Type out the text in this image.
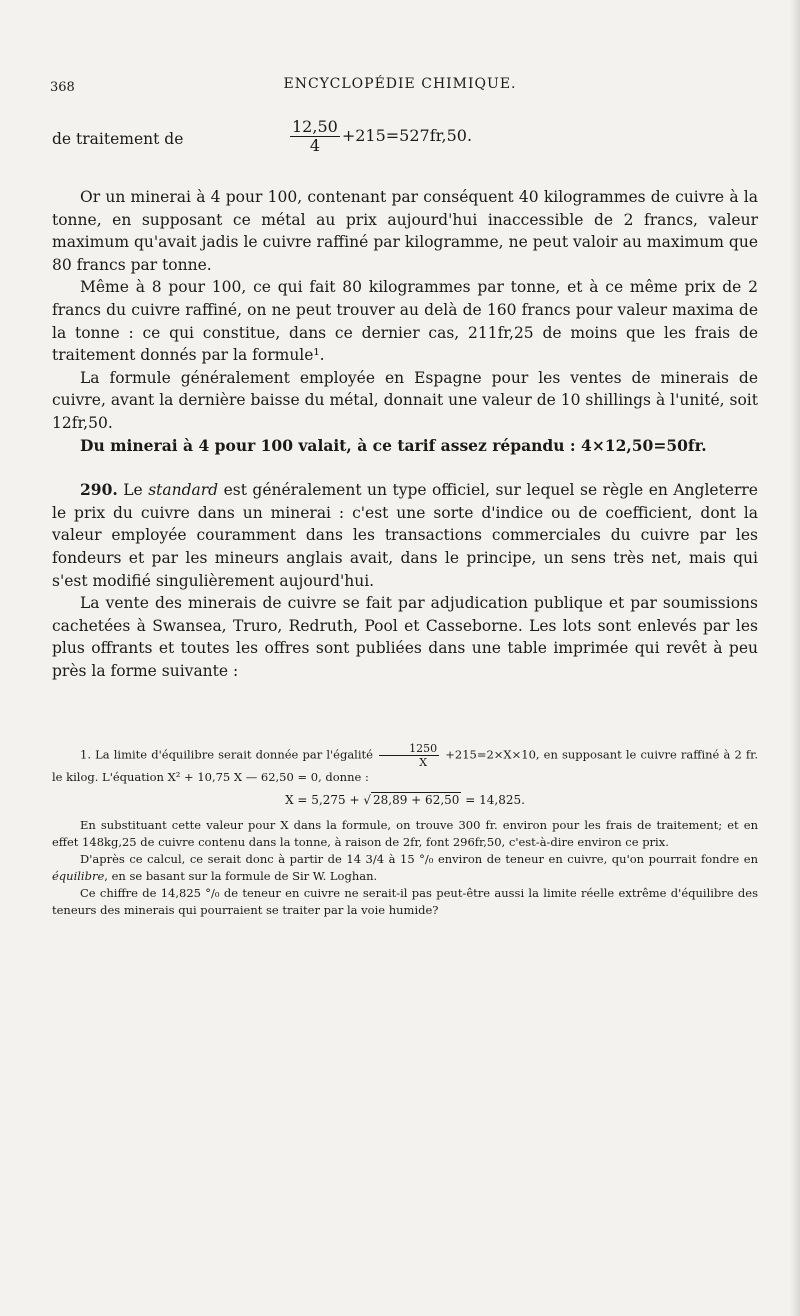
368	ENCYCLOPÉDIE CHIMIQUE.
de traitement de	$\frac{12,50}{4} +215=527fr,50$.

Or un minerai à 4 pour 100, contenant par conséquent 40 kilogrammes de cuivre à la tonne, en supposant ce métal au prix aujourd'hui inaccessible de 2 francs, valeur maximum qu'avait jadis le cuivre raffiné par kilogramme, ne peut valoir au maximum que 80 francs par tonne.

Même à 8 pour 100, ce qui fait 80 kilogrammes par tonne, et à ce même prix de 2 francs du cuivre raffiné, on ne peut trouver au delà de 160 francs pour valeur maxima de la tonne : ce qui constitue, dans ce dernier cas, 211fr,25 de moins que les frais de traitement donnés par la formule¹.

La formule généralement employée en Espagne pour les ventes de minerais de cuivre, avant la dernière baisse du métal, donnait une valeur de 10 shillings à l'unité, soit 12fr,50.

Du minerai à 4 pour 100 valait, à ce tarif assez répandu : 4×12,50=50fr.

290. Le standard est généralement un type officiel, sur lequel se règle en Angleterre le prix du cuivre dans un minerai : c'est une sorte d'indice ou de coefficient, dont la valeur employée couramment dans les transactions commerciales du cuivre par les fondeurs et par les mineurs anglais avait, dans le principe, un sens très net, mais qui s'est modifié singulièrement aujourd'hui.

La vente des minerais de cuivre se fait par adjudication publique et par soumissions cachetées à Swansea, Truro, Redruth, Pool et Casseborne. Les lots sont enlevés par les plus offrants et toutes les offres sont publiées dans une table imprimée qui revêt à peu près la forme suivante :

1. La limite d'équilibre serait donnée par l'égalité $\frac{1250}{X} +215=2\times X\times 10$, en supposant le cuivre raffiné à 2 fr. le kilog. L'équation X² + 10,75 X — 62,50 = 0, donne :

X = 5,275 + √ 28,89 + 62,50 = 14,825.

En substituant cette valeur pour X dans la formule, on trouve 300 fr. environ pour les frais de traitement; et en effet 148kg,25 de cuivre contenu dans la tonne, à raison de 2fr, font 296fr,50, c'est-à-dire environ ce prix.

D'après ce calcul, ce serait donc à partir de 14 3/4 à 15 °/₀ environ de teneur en cuivre, qu'on pourrait fondre en équilibre, en se basant sur la formule de Sir W. Loghan.

Ce chiffre de 14,825 °/₀ de teneur en cuivre ne serait-il pas peut-être aussi la limite réelle extrême d'équilibre des teneurs des minerais qui pourraient se traiter par la voie humide?
